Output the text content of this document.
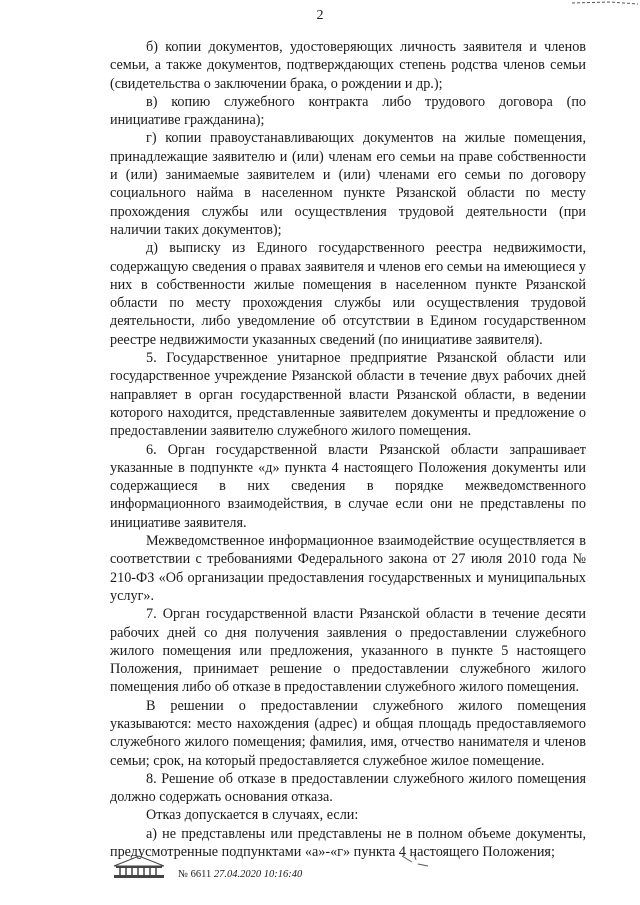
2

б) копии документов, удостоверяющих личность заявителя и членов семьи, а также документов, подтверждающих степень родства членов семьи (свидетельства о заключении брака, о рождении и др.);

в) копию служебного контракта либо трудового договора (по инициативе гражданина);

г) копии правоустанавливающих документов на жилые помещения, принадлежащие заявителю и (или) членам его семьи на праве собственности и (или) занимаемые заявителем и (или) членами его семьи по договору социального найма в населенном пункте Рязанской области по месту прохождения службы или осуществления трудовой деятельности (при наличии таких документов);

д) выписку из Единого государственного реестра недвижимости, содержащую сведения о правах заявителя и членов его семьи на имеющиеся у них в собственности жилые помещения в населенном пункте Рязанской области по месту прохождения службы или осуществления трудовой деятельности, либо уведомление об отсутствии в Едином государственном реестре недвижимости указанных сведений (по инициативе заявителя).

5. Государственное унитарное предприятие Рязанской области или государственное учреждение Рязанской области в течение двух рабочих дней направляет в орган государственной власти Рязанской области, в ведении которого находится, представленные заявителем документы и предложение о предоставлении заявителю служебного жилого помещения.

6. Орган государственной власти Рязанской области запрашивает указанные в подпункте «д» пункта 4 настоящего Положения документы или содержащиеся в них сведения в порядке межведомственного информационного взаимодействия, в случае если они не представлены по инициативе заявителя.

Межведомственное информационное взаимодействие осуществляется в соответствии с требованиями Федерального закона от 27 июля 2010 года № 210-ФЗ «Об организации предоставления государственных и муниципальных услуг».

7. Орган государственной власти Рязанской области в течение десяти рабочих дней со дня получения заявления о предоставлении служебного жилого помещения или предложения, указанного в пункте 5 настоящего Положения, принимает решение о предоставлении служебного жилого помещения либо об отказе в предоставлении служебного жилого помещения.

В решении о предоставлении служебного жилого помещения указываются: место нахождения (адрес) и общая площадь предоставляемого служебного жилого помещения; фамилия, имя, отчество нанимателя и членов семьи; срок, на который предоставляется служебное жилое помещение.

8. Решение об отказе в предоставлении служебного жилого помещения должно содержать основания отказа.

Отказ допускается в случаях, если:

а) не представлены или представлены не в полном объеме документы, предусмотренные подпунктами «а»-«г» пункта 4 настоящего Положения;

№ 6611 27.04.2020 10:16:40
